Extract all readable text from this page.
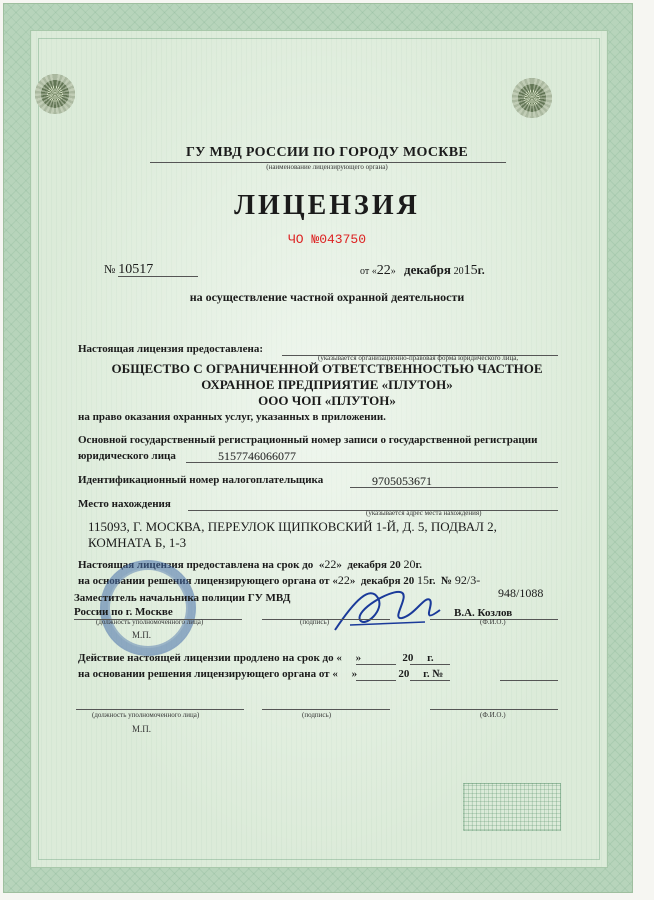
ГУ МВД РОССИИ ПО ГОРОДУ МОСКВЕ
(наименование лицензирующего органа)
ЛИЦЕНЗИЯ
ЧО №043750
№ 10517	от «22» декабря 2015г.
на осуществление частной охранной деятельности
Настоящая лицензия предоставлена:
(указывается организационно-правовая форма юридического лица,
ОБЩЕСТВО С ОГРАНИЧЕННОЙ ОТВЕТСТВЕННОСТЬЮ ЧАСТНОЕ
ОХРАННОЕ ПРЕДПРИЯТИЕ «ПЛУТОН»
ООО ЧОП «ПЛУТОН»
на право оказания охранных услуг, указанных в приложении.
Основной государственный регистрационный номер записи о государственной регистрации
юридического лица	5157746066077
Идентификационный номер налогоплательщика	9705053671
Место нахождения
(указывается адрес места нахождения)
115093, Г. МОСКВА, ПЕРЕУЛОК ЩИПКОВСКИЙ 1-Й, Д. 5, ПОДВАЛ 2,
КОМНАТА Б, 1-3
Настоящая лицензия предоставлена на срок до  «22»  декабря 20 20г.
на основании решения лицензирующего органа от «22»  декабря 20 15г. № 92/3-
948/1088
Заместитель начальника полиции ГУ МВД
России по г. Москве
(должность уполномоченного лица)	(подпись)
В.А. Козлов
(Ф.И.О.)
М.П.
Действие настоящей лицензии продлено на срок до « »	20 г.
на основании решения лицензирующего органа от « »	20 г. №
(должность уполномоченного лица)	(подпись)	(Ф.И.О.)
М.П.
